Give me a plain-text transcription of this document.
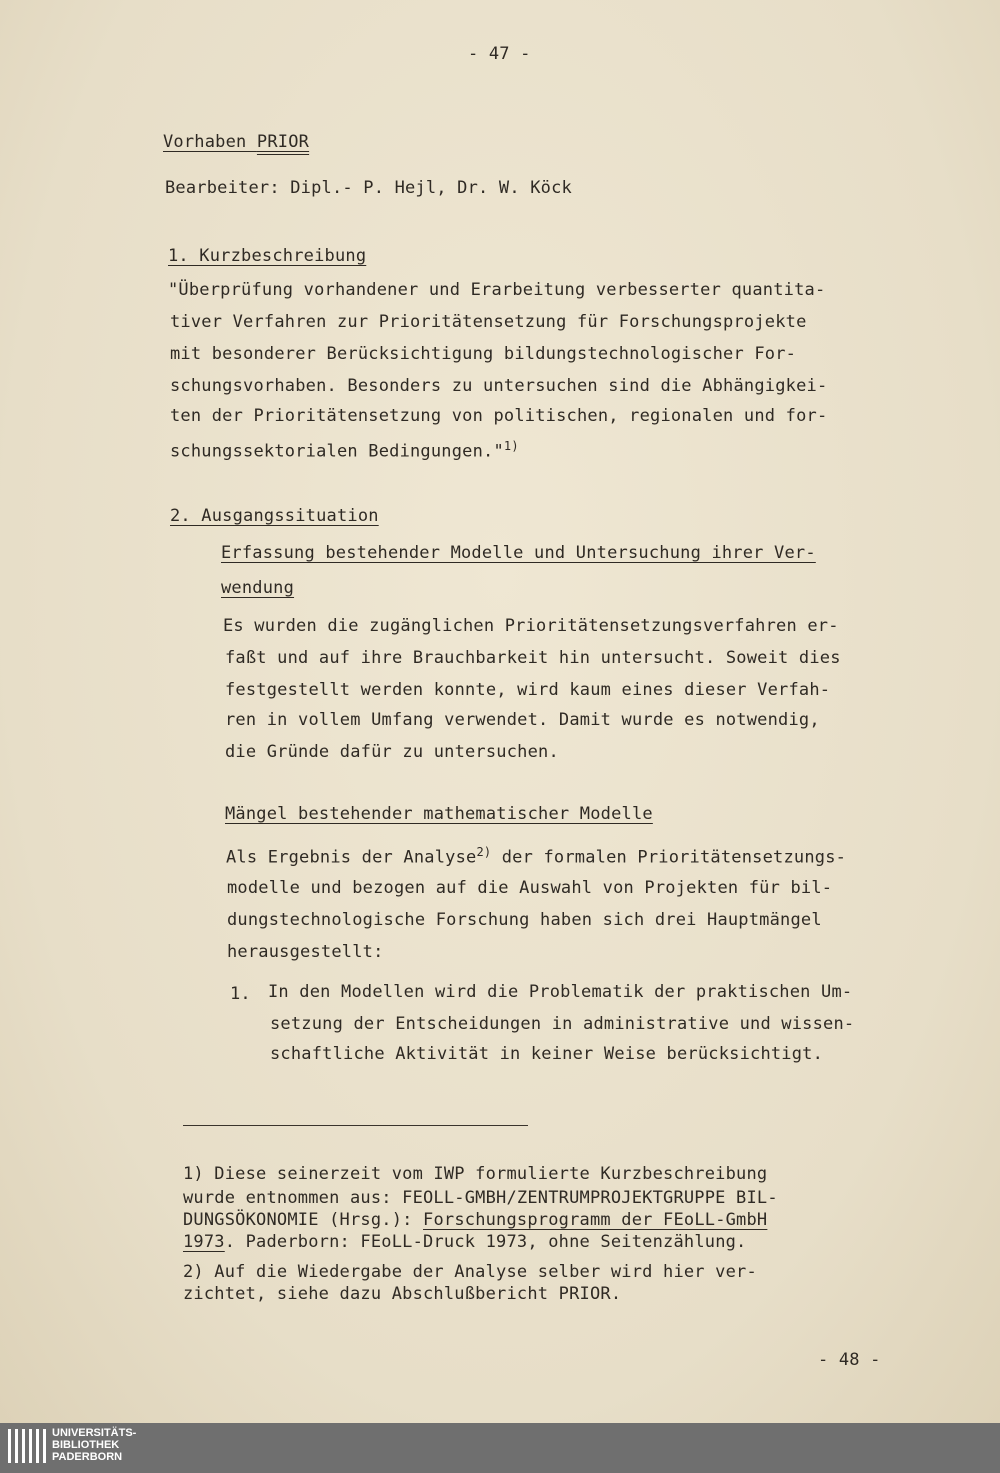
- 47 -
Vorhaben PRIOR
Bearbeiter: Dipl.- P. Hejl, Dr. W. Köck
1. Kurzbeschreibung
"Überprüfung vorhandener und Erarbeitung verbesserter quantita-
tiver Verfahren zur Prioritätensetzung für Forschungsprojekte
mit besonderer Berücksichtigung bildungstechnologischer For-
schungsvorhaben. Besonders zu untersuchen sind die Abhängigkei-
ten der Prioritätensetzung von politischen, regionalen und for-
schungssektorialen Bedingungen."$^{1)}$
2. Ausgangssituation
Erfassung bestehender Modelle und Untersuchung ihrer Ver-
wendung
Es wurden die zugänglichen Prioritätensetzungsverfahren er-
faßt und auf ihre Brauchbarkeit hin untersucht. Soweit dies
festgestellt werden konnte, wird kaum eines dieser Verfah-
ren in vollem Umfang verwendet. Damit wurde es notwendig,
die Gründe dafür zu untersuchen.
Mängel bestehender mathematischer Modelle
Als Ergebnis der Analyse$^{2)}$ der formalen Prioritätensetzungs-
modelle und bezogen auf die Auswahl von Projekten für bil-
dungstechnologische Forschung haben sich drei Hauptmängel
herausgestellt:
1. In den Modellen wird die Problematik der praktischen Um-
setzung der Entscheidungen in administrative und wissen-
schaftliche Aktivität in keiner Weise berücksichtigt.
1) Diese seinerzeit vom IWP formulierte Kurzbeschreibung
wurde entnommen aus: FEOLL-GMBH/ZENTRUMPROJEKTGRUPPE BIL-
DUNGSÖKONOMIE (Hrsg.): Forschungsprogramm der FEoLL-GmbH
1973. Paderborn: FEoLL-Druck 1973, ohne Seitenzählung.
2) Auf die Wiedergabe der Analyse selber wird hier ver-
zichtet, siehe dazu Abschlußbericht PRIOR.
- 48 -
UNIVERSITÄTS-
BIBLIOTHEK
PADERBORN
